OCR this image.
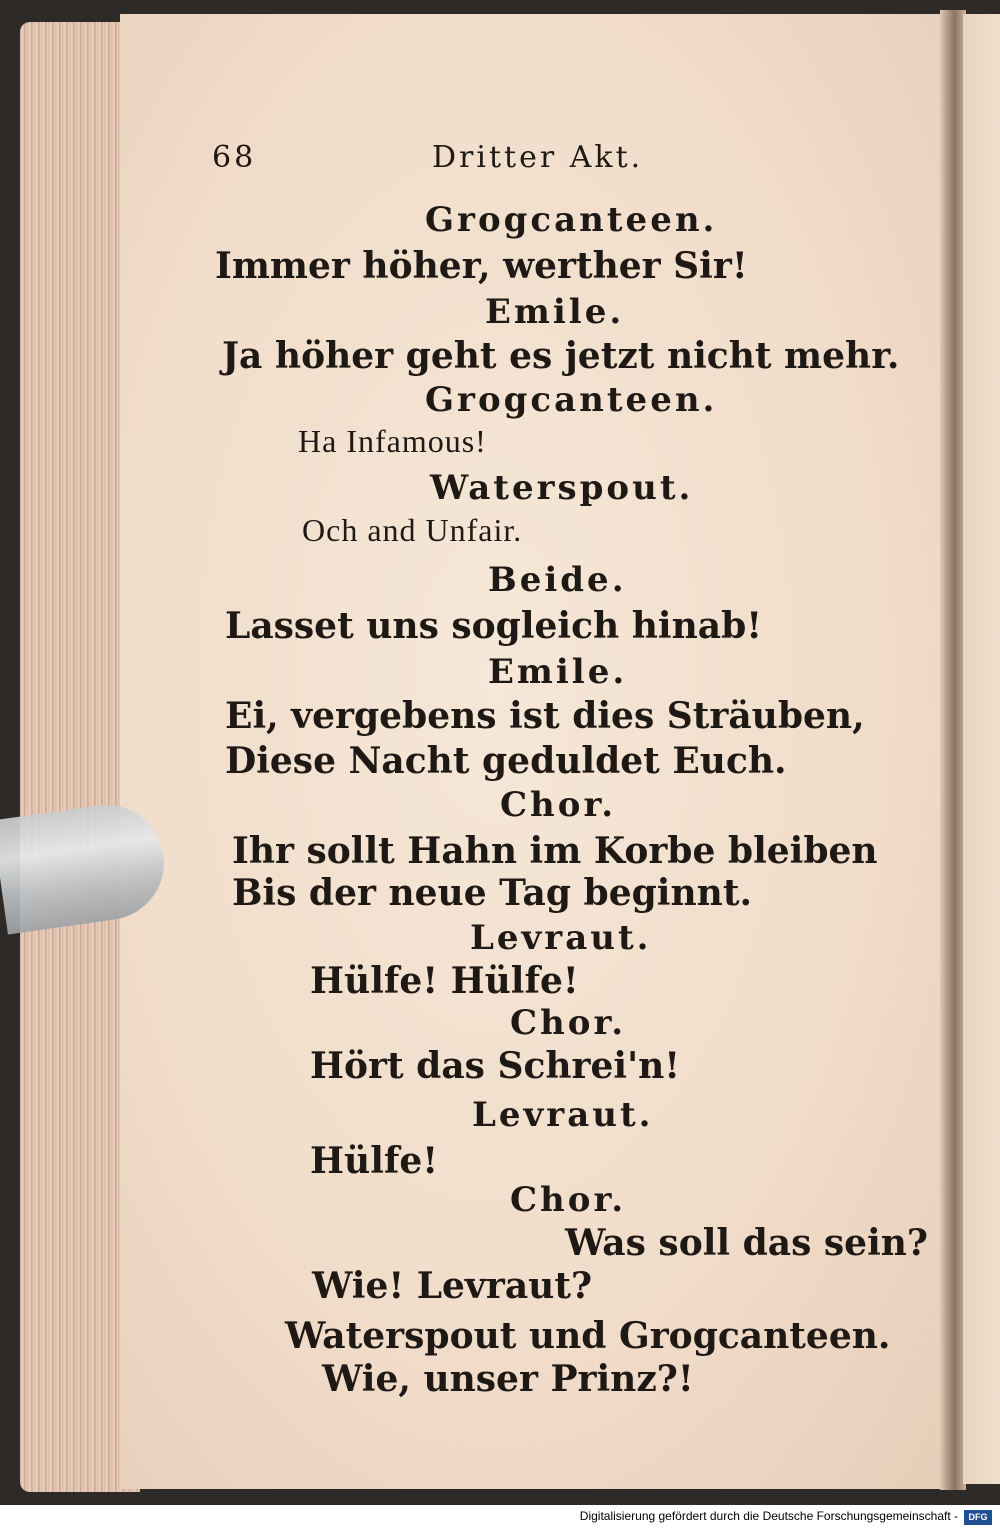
68	Dritter Akt.

Grogcanteen.

Immer höher, werther Sir!

Emile.

Ja höher geht es jetzt nicht mehr.

Grogcanteen.

Ha Infamous!

Waterspout.

Och and Unfair.

Beide.

Lasset uns sogleich hinab!

Emile.

Ei, vergebens ist dies Sträuben,

Diese Nacht geduldet Euch.

Chor.

Ihr sollt Hahn im Korbe bleiben

Bis der neue Tag beginnt.

Levraut.

Hülfe! Hülfe!

Chor.

Hört das Schrei'n!

Levraut.

Hülfe!

Chor.

Was soll das sein?

Wie! Levraut?

Waterspout und Grogcanteen.

Wie, unser Prinz?!

Digitalisierung gefördert durch die Deutsche Forschungsgemeinschaft -	DFG
